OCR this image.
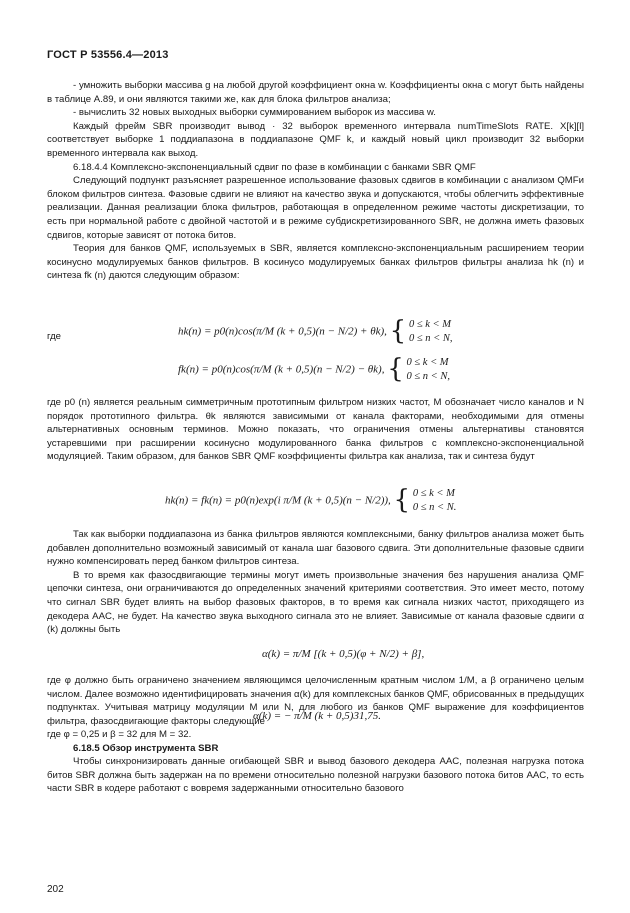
ГОСТ Р 53556.4—2013

- умножить выборки массива g на любой другой коэффициент окна w. Коэффициенты окна c могут быть найдены в таблице А.89, и они являются такими же, как для блока фильтров анализа;

- вычислить 32 новых выходных выборки суммированием выборок из массива w.

Каждый фрейм SBR производит вывод · 32 выборок временного интервала numTimeSlots RATE. X[k][l] соответствует выборке 1 поддиапазона в поддиапазоне QMF k, и каждый новый цикл производит 32 выборки временного интервала как выход.

6.18.4.4 Комплексно-экспоненциальный сдвиг по фазе в комбинации с банками SBR QMF

Следующий подпункт разъясняет разрешенное использование фазовых сдвигов в комбинации с анализом QMFи блоком фильтров синтеза. Фазовые сдвиги не влияют на качество звука и допускаются, чтобы облегчить эффективные реализации. Данная реализации блока фильтров, работающая в определенном режиме частоты дискретизации, то есть при нормальной работе с двойной частотой и в режиме субдискретизированного SBR, не должна иметь фазовых сдвигов, которые зависят от потока битов.

Теория для банков QMF, используемых в SBR, является комплексно-экспоненциальным расширением теории косинусно модулируемых банков фильтров. В косинусо модулируемых банках фильтров фильтры анализа hk (n) и синтеза fk (n) даются следующим образом:

hk(n) = p0(n)cos(π/M (k + 0,5)(n − N/2) + θk), { 0 ≤ k < M
0 ≤ n < N,
где
fk(n) = p0(n)cos(π/M (k + 0,5)(n − N/2) − θk), { 0 ≤ k < M
0 ≤ n < N,

где p0 (n) является реальным симметричным прототипным фильтром низких частот, M обозначает число каналов и N порядок прототипного фильтра. θk являются зависимыми от канала факторами, необходимыми для отмены альтернативных основным терминов. Можно показать, что ограничения отмены альтернативы становятся устаревшими при расширении косинусно модулированного банка фильтров с комплексно-экспоненциальной модуляцией. Таким образом, для банков SBR QMF коэффициенты фильтра как анализа, так и синтеза будут

hk(n) = fk(n) = p0(n)exp(i π/M (k + 0,5)(n − N/2)), { 0 ≤ k < M
0 ≤ n < N.

Так как выборки поддиапазона из банка фильтров являются комплексными, банку фильтров анализа может быть добавлен дополнительно возможный зависимый от канала шаг базового сдвига. Эти дополнительные фазовые сдвиги нужно компенсировать перед банком фильтров синтеза.

В то время как фазосдвигающие термины могут иметь произвольные значения без нарушения анализа QMF цепочки синтеза, они ограничиваются до определенных значений критериями соответствия. Это имеет место, потому что сигнал SBR будет влиять на выбор фазовых факторов, в то время как сигнала низких частот, приходящего из декодера AAC, не будет. На качество звука выходного сигнала это не влияет. Зависимые от канала фазовые сдвиги α (k) должны быть

α(k) = π/M [(k + 0,5)(φ + N/2) + β],

где φ должно быть ограничено значением являющимся целочисленным кратным числом 1/M, а β ограничено целым числом. Далее возможно идентифицировать значения α(k) для комплексных банков QMF, обрисованных в предыдущих подпунктах. Учитывая матрицу модуляции M или N, для любого из банков QMF выражение для коэффициентов фильтра, фазосдвигающие факторы следующие

α(k) = − π/M (k + 0,5)31,75.

где φ = 0,25 и β = 32 для M = 32.

6.18.5 Обзор инструмента SBR

Чтобы синхронизировать данные огибающей SBR и вывод базового декодера AAC, полезная нагрузка потока битов SBR должна быть задержан на по времени относительно полезной нагрузки базового потока битов AAC, то есть части SBR в кодере работают с вовремя задержанными относительно базового

202
